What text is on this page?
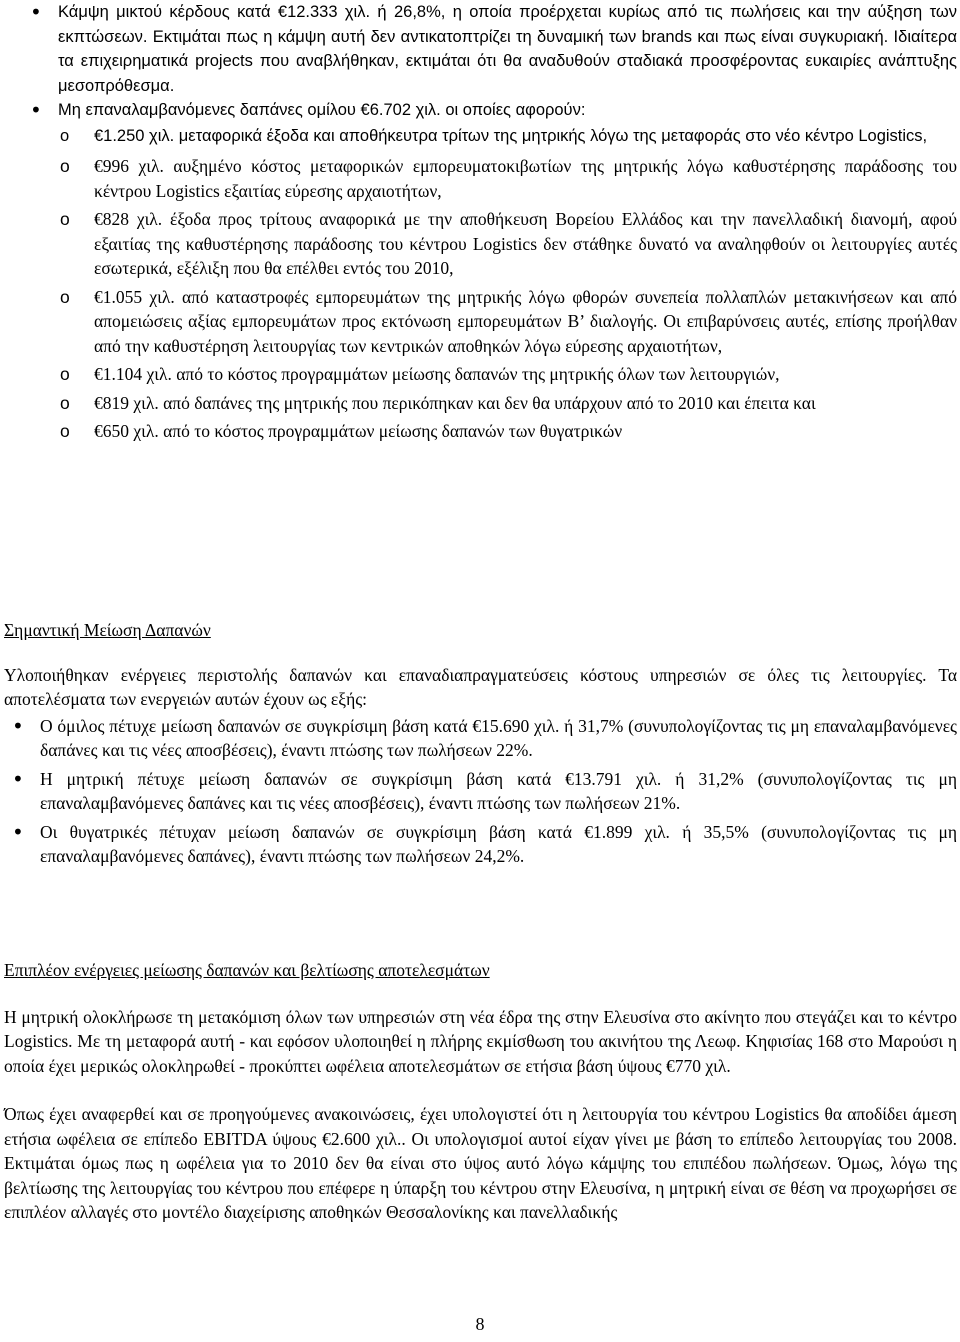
• Κάμψη μικτού κέρδους κατά €12.333 χιλ. ή 26,8%, η οποία προέρχεται κυρίως από τις πωλήσεις και την αύξηση των εκπτώσεων. Εκτιμάται πως η κάμψη αυτή δεν αντικατοπτρίζει τη δυναμική των brands και πως είναι συγκυριακή. Ιδιαίτερα τα επιχειρηματικά projects που αναβλήθηκαν, εκτιμάται ότι θα αναδυθούν σταδιακά προσφέροντας ευκαιρίες ανάπτυξης μεσοπρόθεσμα.
• Μη επαναλαμβανόμενες δαπάνες ομίλου €6.702 χιλ. οι οποίες αφορούν:
o €1.250 χιλ. μεταφορικά έξοδα και αποθήκευτρα τρίτων της μητρικής λόγω της μεταφοράς στο νέο κέντρο Logistics,
o €996 χιλ. αυξημένο κόστος μεταφορικών εμπορευματοκιβωτίων της μητρικής λόγω καθυστέρησης παράδοσης του κέντρου Logistics εξαιτίας εύρεσης αρχαιοτήτων,
o €828 χιλ. έξοδα προς τρίτους αναφορικά με την αποθήκευση Βορείου Ελλάδος και την πανελλαδική διανομή, αφού εξαιτίας της καθυστέρησης παράδοσης του κέντρου Logistics δεν στάθηκε δυνατό να αναληφθούν οι λειτουργίες αυτές εσωτερικά, εξέλιξη που θα επέλθει εντός του 2010,
o €1.055 χιλ. από καταστροφές εμπορευμάτων της μητρικής λόγω φθορών συνεπεία πολλαπλών μετακινήσεων και από απομειώσεις αξίας εμπορευμάτων προς εκτόνωση εμπορευμάτων Β’ διαλογής. Οι επιβαρύνσεις αυτές, επίσης προήλθαν από την καθυστέρηση λειτουργίας των κεντρικών αποθηκών λόγω εύρεσης αρχαιοτήτων,
o €1.104 χιλ. από το κόστος προγραμμάτων μείωσης δαπανών της μητρικής όλων των λειτουργιών,
o €819 χιλ. από δαπάνες της μητρικής που περικόπηκαν και δεν θα υπάρχουν από το 2010 και έπειτα και
o €650 χιλ. από το κόστος προγραμμάτων μείωσης δαπανών των θυγατρικών

Σημαντική Μείωση Δαπανών

Υλοποιήθηκαν ενέργειες περιστολής δαπανών και επαναδιαπραγματεύσεις κόστους υπηρεσιών σε όλες τις λειτουργίες. Τα αποτελέσματα των ενεργειών αυτών έχουν ως εξής:

• Ο όμιλος πέτυχε μείωση δαπανών σε συγκρίσιμη βάση κατά €15.690 χιλ. ή 31,7% (συνυπολογίζοντας τις μη επαναλαμβανόμενες δαπάνες και τις νέες αποσβέσεις), έναντι πτώσης των πωλήσεων 22%.
• Η μητρική πέτυχε μείωση δαπανών σε συγκρίσιμη βάση κατά €13.791 χιλ. ή 31,2% (συνυπολογίζοντας τις μη επαναλαμβανόμενες δαπάνες και τις νέες αποσβέσεις), έναντι πτώσης των πωλήσεων 21%.
• Οι θυγατρικές πέτυχαν μείωση δαπανών σε συγκρίσιμη βάση κατά €1.899 χιλ. ή 35,5% (συνυπολογίζοντας τις μη επαναλαμβανόμενες δαπάνες), έναντι πτώσης των πωλήσεων 24,2%.

Επιπλέον ενέργειες μείωσης δαπανών και βελτίωσης αποτελεσμάτων

Η μητρική ολοκλήρωσε τη μετακόμιση όλων των υπηρεσιών στη νέα έδρα της στην Ελευσίνα στο ακίνητο που στεγάζει και το κέντρο Logistics. Με τη μεταφορά αυτή - και εφόσον υλοποιηθεί η πλήρης εκμίσθωση του ακινήτου της Λεωφ. Κηφισίας 168 στο Μαρούσι η οποία έχει μερικώς ολοκληρωθεί - προκύπτει ωφέλεια αποτελεσμάτων σε ετήσια βάση ύψους €770 χιλ.

Όπως έχει αναφερθεί και σε προηγούμενες ανακοινώσεις, έχει υπολογιστεί ότι η λειτουργία του κέντρου Logistics θα αποδίδει άμεση ετήσια ωφέλεια σε επίπεδο EBITDA ύψους €2.600 χιλ.. Οι υπολογισμοί αυτοί είχαν γίνει με βάση το επίπεδο λειτουργίας του 2008. Εκτιμάται όμως πως η ωφέλεια για το 2010 δεν θα είναι στο ύψος αυτό λόγω κάμψης του επιπέδου πωλήσεων. Όμως, λόγω της βελτίωσης της λειτουργίας του κέντρου που επέφερε η ύπαρξη του κέντρου στην Ελευσίνα, η μητρική είναι σε θέση να προχωρήσει σε επιπλέον αλλαγές στο μοντέλο διαχείρισης αποθηκών Θεσσαλονίκης και πανελλαδικής

8
